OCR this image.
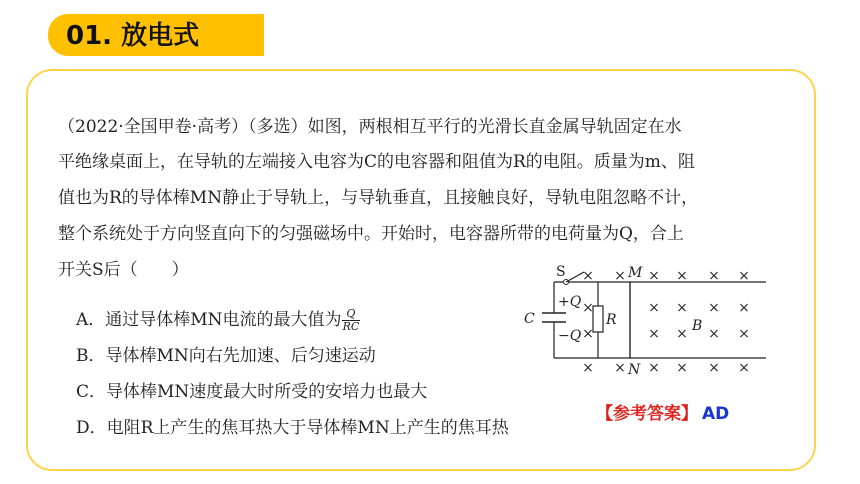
01. 放电式
（2022·全国甲卷·高考）（多选）如图，两根相互平行的光滑长直金属导轨固定在水
平绝缘桌面上，在导轨的左端接入电容为C的电容器和阻值为R的电阻。质量为m、阻
值也为R的导体棒MN静止于导轨上，与导轨垂直，且接触良好，导轨电阻忽略不计，
整个系统处于方向竖直向下的匀强磁场中。开始时，电容器所带的电荷量为Q，合上
开关S后（　　）
A．通过导体棒MN电流的最大值为 $\frac{Q}{RC}$
B．导体棒MN向右先加速、后匀速运动
C．导体棒MN速度最大时所受的安培力也最大
D．电阻R上产生的焦耳热大于导体棒MN上产生的焦耳热
【参考答案】 AD
S
C
+Q
−Q
R
M
N
B
× × × × × ×
×	× × × ×
×	× × × ×
× × × × × ×
